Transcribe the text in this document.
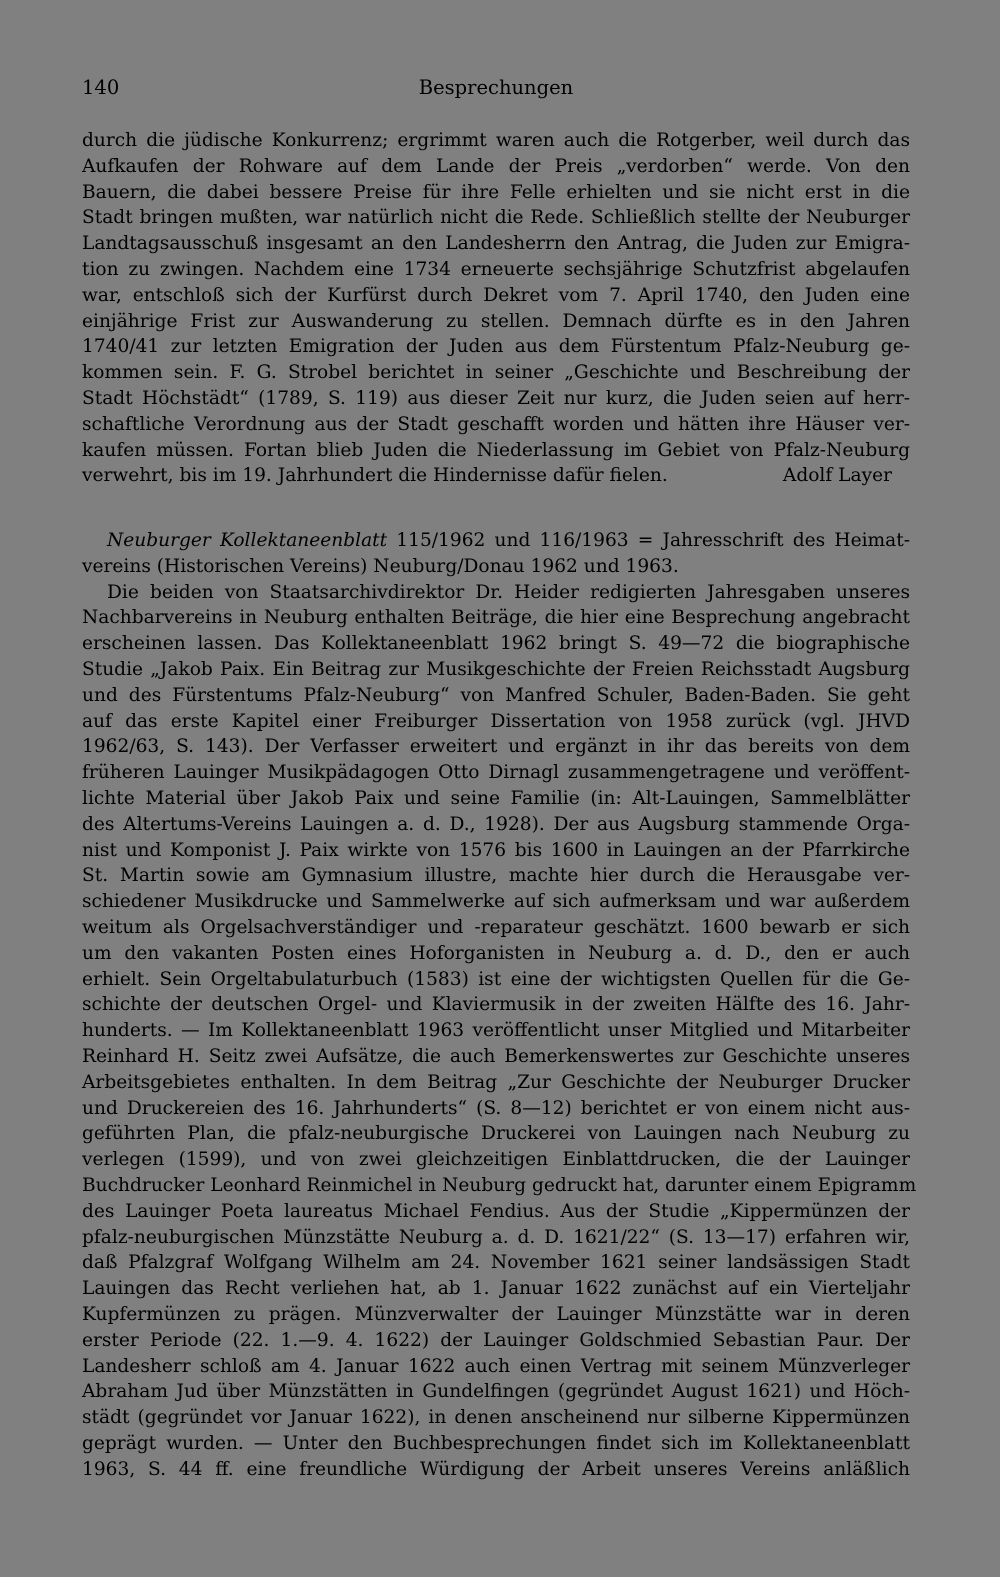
140	Besprechungen
durch die jüdische Konkurrenz; ergrimmt waren auch die Rotgerber, weil durch das
Aufkaufen der Rohware auf dem Lande der Preis „verdorben“ werde. Von den
Bauern, die dabei bessere Preise für ihre Felle erhielten und sie nicht erst in die
Stadt bringen mußten, war natürlich nicht die Rede. Schließlich stellte der Neuburger
Landtagsausschuß insgesamt an den Landesherrn den Antrag, die Juden zur Emigra-
tion zu zwingen. Nachdem eine 1734 erneuerte sechsjährige Schutzfrist abgelaufen
war, entschloß sich der Kurfürst durch Dekret vom 7. April 1740, den Juden eine
einjährige Frist zur Auswanderung zu stellen. Demnach dürfte es in den Jahren
1740/41 zur letzten Emigration der Juden aus dem Fürstentum Pfalz-Neuburg ge-
kommen sein. F. G. Strobel berichtet in seiner „Geschichte und Beschreibung der
Stadt Höchstädt“ (1789, S. 119) aus dieser Zeit nur kurz, die Juden seien auf herr-
schaftliche Verordnung aus der Stadt geschafft worden und hätten ihre Häuser ver-
kaufen müssen. Fortan blieb Juden die Niederlassung im Gebiet von Pfalz-Neuburg
verwehrt, bis im 19. Jahrhundert die Hindernisse dafür fielen.	Adolf Layer
Neuburger Kollektaneenblatt 115/1962 und 116/1963 = Jahresschrift des Heimat-
vereins (Historischen Vereins) Neuburg/Donau 1962 und 1963.
Die beiden von Staatsarchivdirektor Dr. Heider redigierten Jahresgaben unseres
Nachbarvereins in Neuburg enthalten Beiträge, die hier eine Besprechung angebracht
erscheinen lassen. Das Kollektaneenblatt 1962 bringt S. 49—72 die biographische
Studie „Jakob Paix. Ein Beitrag zur Musikgeschichte der Freien Reichsstadt Augsburg
und des Fürstentums Pfalz-Neuburg“ von Manfred Schuler, Baden-Baden. Sie geht
auf das erste Kapitel einer Freiburger Dissertation von 1958 zurück (vgl. JHVD
1962/63, S. 143). Der Verfasser erweitert und ergänzt in ihr das bereits von dem
früheren Lauinger Musikpädagogen Otto Dirnagl zusammengetragene und veröffent-
lichte Material über Jakob Paix und seine Familie (in: Alt-Lauingen, Sammelblätter
des Altertums-Vereins Lauingen a. d. D., 1928). Der aus Augsburg stammende Orga-
nist und Komponist J. Paix wirkte von 1576 bis 1600 in Lauingen an der Pfarrkirche
St. Martin sowie am Gymnasium illustre, machte hier durch die Herausgabe ver-
schiedener Musikdrucke und Sammelwerke auf sich aufmerksam und war außerdem
weitum als Orgelsachverständiger und -reparateur geschätzt. 1600 bewarb er sich
um den vakanten Posten eines Hoforganisten in Neuburg a. d. D., den er auch
erhielt. Sein Orgeltabulaturbuch (1583) ist eine der wichtigsten Quellen für die Ge-
schichte der deutschen Orgel- und Klaviermusik in der zweiten Hälfte des 16. Jahr-
hunderts. — Im Kollektaneenblatt 1963 veröffentlicht unser Mitglied und Mitarbeiter
Reinhard H. Seitz zwei Aufsätze, die auch Bemerkenswertes zur Geschichte unseres
Arbeitsgebietes enthalten. In dem Beitrag „Zur Geschichte der Neuburger Drucker
und Druckereien des 16. Jahrhunderts“ (S. 8—12) berichtet er von einem nicht aus-
geführten Plan, die pfalz-neuburgische Druckerei von Lauingen nach Neuburg zu
verlegen (1599), und von zwei gleichzeitigen Einblattdrucken, die der Lauinger
Buchdrucker Leonhard Reinmichel in Neuburg gedruckt hat, darunter einem Epigramm
des Lauinger Poeta laureatus Michael Fendius. Aus der Studie „Kippermünzen der
pfalz-neuburgischen Münzstätte Neuburg a. d. D. 1621/22“ (S. 13—17) erfahren wir,
daß Pfalzgraf Wolfgang Wilhelm am 24. November 1621 seiner landsässigen Stadt
Lauingen das Recht verliehen hat, ab 1. Januar 1622 zunächst auf ein Vierteljahr
Kupfermünzen zu prägen. Münzverwalter der Lauinger Münzstätte war in deren
erster Periode (22. 1.—9. 4. 1622) der Lauinger Goldschmied Sebastian Paur. Der
Landesherr schloß am 4. Januar 1622 auch einen Vertrag mit seinem Münzverleger
Abraham Jud über Münzstätten in Gundelfingen (gegründet August 1621) und Höch-
städt (gegründet vor Januar 1622), in denen anscheinend nur silberne Kippermünzen
geprägt wurden. — Unter den Buchbesprechungen findet sich im Kollektaneenblatt
1963, S. 44 ff. eine freundliche Würdigung der Arbeit unseres Vereins anläßlich
